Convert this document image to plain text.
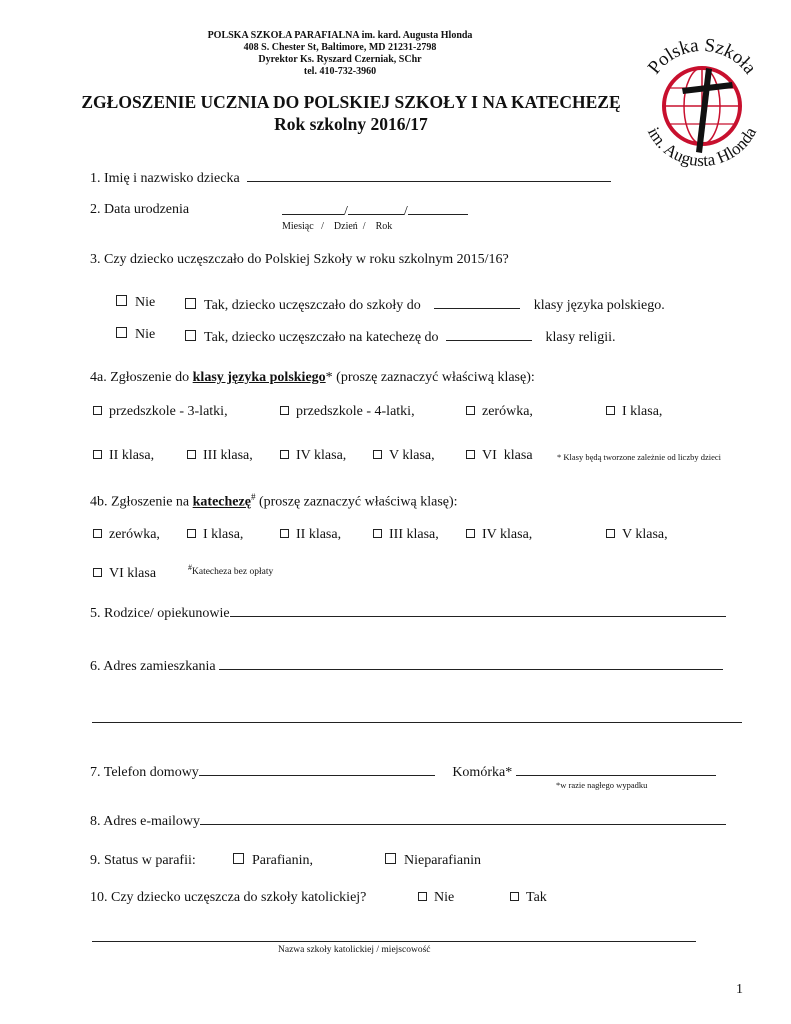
POLSKA SZKOŁA PARAFIALNA im. kard. Augusta Hlonda
408 S. Chester St, Baltimore, MD 21231-2798
Dyrektor Ks. Ryszard Czerniak, SChr
tel. 410-732-3960	Polska Szkoła
im. Augusta Hlonda
ZGŁOSZENIE UCZNIA DO POLSKIEJ SZKOŁY I NA KATECHEZĘ
Rok szkolny 2016/17
1. Imię i nazwisko dziecka
2. Data urodzenia	/	/
Miesiąc   /    Dzień  /    Rok
3. Czy dziecko uczęszczało do Polskiej Szkoły w roku szkolnym 2015/16?
Nie	Tak, dziecko uczęszczało do szkoły do	klasy języka polskiego.
Nie	Tak, dziecko uczęszczało na katechezę do	klasy religii.
4a. Zgłoszenie do klasy języka polskiego* (proszę zaznaczyć właściwą klasę):
przedszkole - 3-latki,	przedszkole - 4-latki,	zerówka,	I klasa,
II klasa,	III klasa,	IV klasa,	V klasa,	VI  klasa	* Klasy będą tworzone zależnie od liczby dzieci
4b. Zgłoszenie na katechezę# (proszę zaznaczyć właściwą klasę):
zerówka,	I klasa,	II klasa,	III klasa,	IV klasa,	V klasa,
VI klasa	#Katecheza bez opłaty
5. Rodzice/ opiekunowie
6. Adres zamieszkania
7. Telefon domowy	Komórka*
*w razie nagłego wypadku
8. Adres e-mailowy
9. Status w parafii:	Parafianin,	Nieparafianin
10. Czy dziecko uczęszcza do szkoły katolickiej?	Nie	Tak
Nazwa szkoły katolickiej / miejscowość
1
